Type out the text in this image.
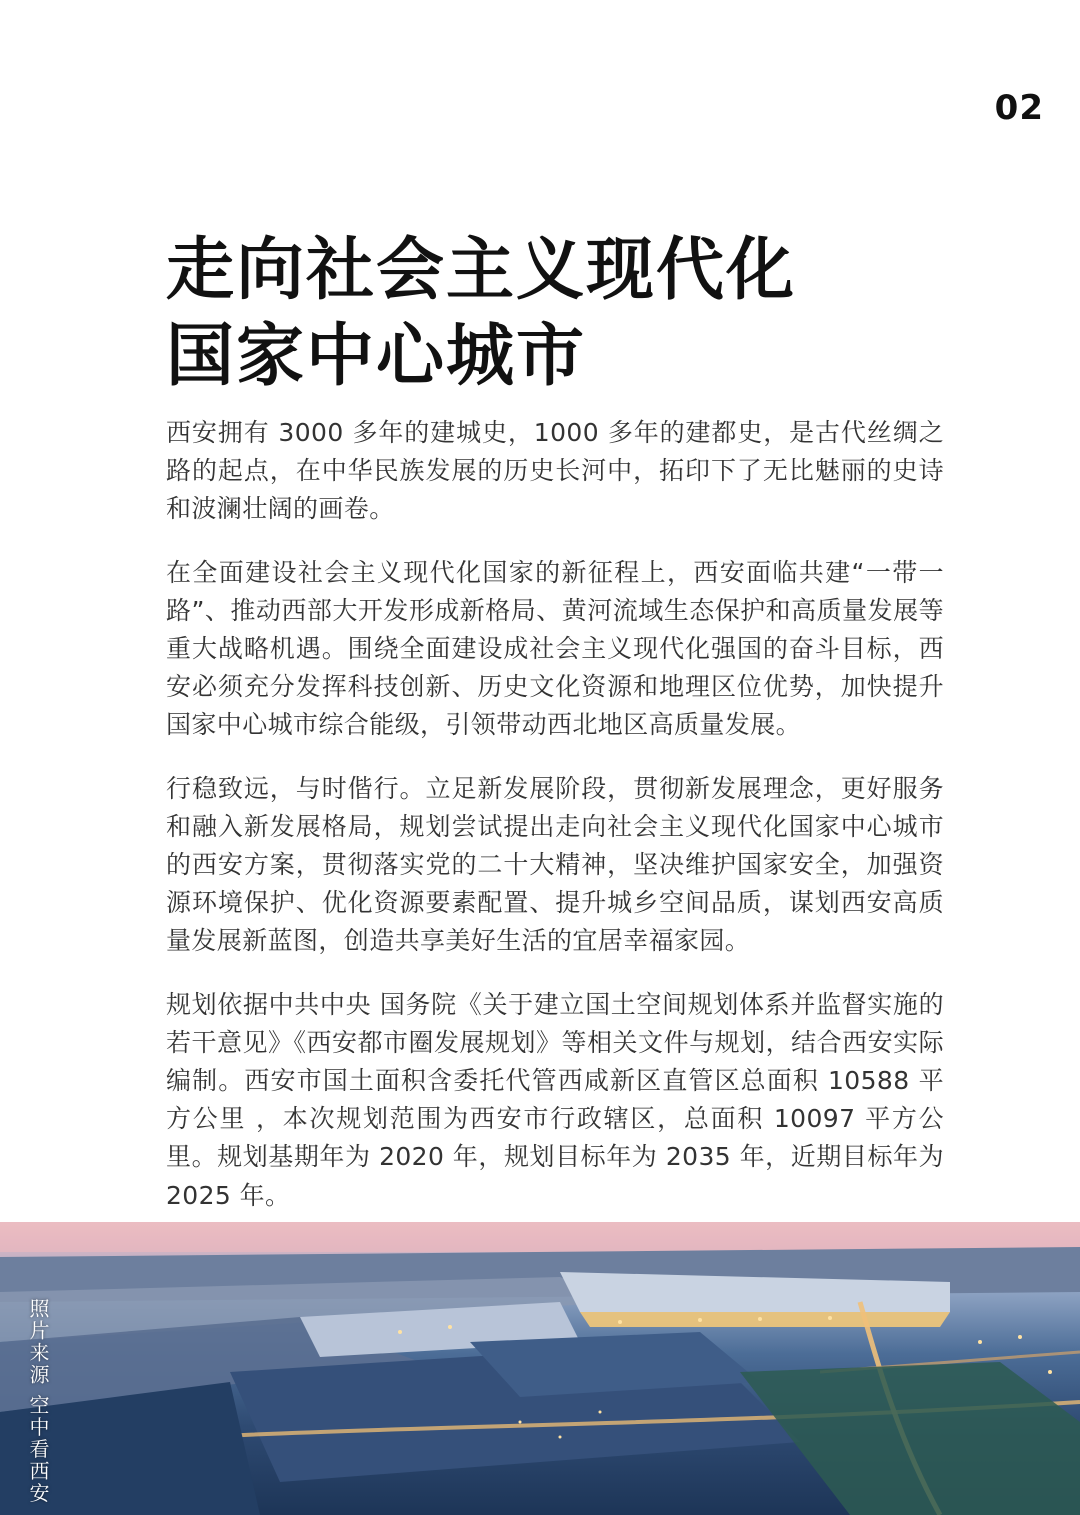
02
走向社会主义现代化
国家中心城市

西安拥有 3000 多年的建城史，1000 多年的建都史，是古代丝绸之路的起点，在中华民族发展的历史长河中，拓印下了无比魅丽的史诗和波澜壮阔的画卷。

在全面建设社会主义现代化国家的新征程上，西安面临共建“一带一路”、推动西部大开发形成新格局、黄河流域生态保护和高质量发展等重大战略机遇。围绕全面建设成社会主义现代化强国的奋斗目标，西安必须充分发挥科技创新、历史文化资源和地理区位优势，加快提升国家中心城市综合能级，引领带动西北地区高质量发展。

行稳致远，与时偕行。立足新发展阶段，贯彻新发展理念，更好服务和融入新发展格局，规划尝试提出走向社会主义现代化国家中心城市的西安方案，贯彻落实党的二十大精神，坚决维护国家安全，加强资源环境保护、优化资源要素配置、提升城乡空间品质，谋划西安高质量发展新蓝图，创造共享美好生活的宜居幸福家园。

规划依据中共中央 国务院《关于建立国土空间规划体系并监督实施的若干意见》《西安都市圈发展规划》等相关文件与规划，结合西安实际编制。西安市国土面积含委托代管西咸新区直管区总面积 10588 平方公里 ，本次规划范围为西安市行政辖区，总面积 10097 平方公里。规划基期年为 2020 年，规划目标年为 2035 年，近期目标年为 2025 年。

照片来源 空中看西安
